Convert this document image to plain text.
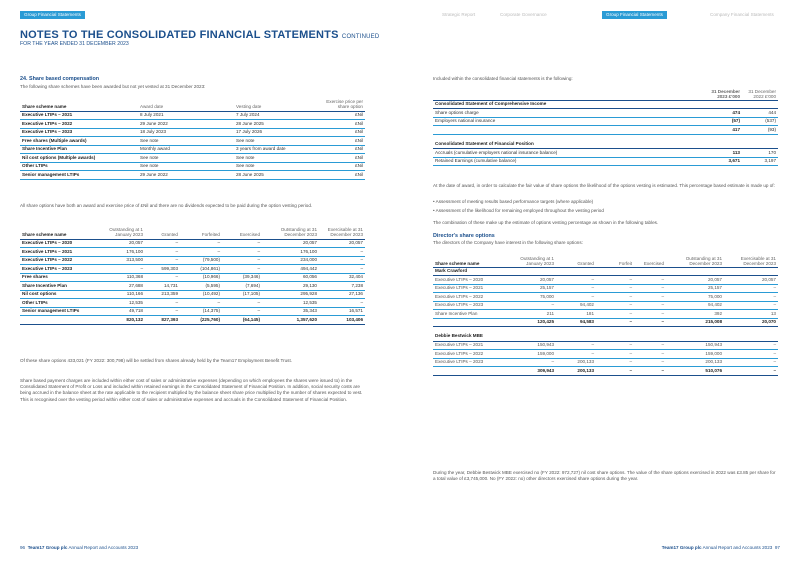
Group Financial Statements	Strategic Report	Corporate Governance	Group Financial Statements	Company Financial Statements
NOTES TO THE CONSOLIDATED FINANCIAL STATEMENTS CONTINUED
FOR THE YEAR ENDED 31 DECEMBER 2023
24. Share based compensation
The following share schemes have been awarded but not yet vested at 31 December 2023:
Share scheme name	Award date	Vesting date	Exercise price per share option
Executive LTIPs – 2021	8 July 2021	7 July 2024	£Nil
Executive LTIPs – 2022	29 June 2022	28 June 2025	£Nil
Executive LTIPs – 2023	18 July 2023	17 July 2026	£Nil
Free shares (Multiple awards)	See note	See note	£Nil
Share Incentive Plan	Monthly award	3 years from award date	£Nil
Nil cost options (Multiple awards)	See note	See note	£Nil
Other LTIPs	See note	See note	£Nil
Senior management LTIPs	29 June 2022	28 June 2025	£Nil
All share options have both an award and exercise price of £Nil and there are no dividends expected to be paid during the option vesting period.
Share scheme name	Outstanding at 1 January 2023	Granted	Forfeited	Exercised	Outstanding at 31 December 2023	Exercisable at 31 December 2023
Executive LTIPs – 2020	20,057	–	–	–	20,057	20,057
Executive LTIPs – 2021	176,100	–	–	–	176,100	–
Executive LTIPs – 2022	313,500	–	(79,500)	–	234,000	–
Executive LTIPs – 2023	–	599,303	(104,861)	–	494,442	–
Free shares	110,368	–	(10,966)	(39,346)	60,056	32,404
Share Incentive Plan	27,688	14,731	(5,595)	(7,694)	29,130	7,238
Nil cost options	110,166	213,359	(10,492)	(17,105)	295,928	27,136
Other LTIPs	12,535	–	–	–	12,535	–
Senior management LTIPs	49,718	–	(14,375)	–	35,343	16,571
	820,132	827,393	(225,760)	(64,145)	1,357,620	103,406
Of these share options 433,021 (FY 2022: 300,798) will be settled from shares already held by the Team17 Employment Benefit Trust.
Share based payment charges are included within either cost of sales or administrative expenses (depending on which employees the shares were issued to) in the Consolidated Statement of Profit or Loss and included within retained earnings in the Consolidated Statement of Financial Position. In addition, social security costs are being accrued in the balance sheet at the rate applicable to the recipient multiplied by the balance sheet share price multiplied by the number of shares expected to vest. This is recognised over the vesting period within either cost of sales or administrative expenses and accruals in the Consolidated Statement of Financial Position.
Included within the consolidated financial statements is the following:
	31 December 2023 £'000	31 December 2022 £'000
Consolidated Statement of Comprehensive Income		
Share options charge	474	444
Employers national insurance	(57)	(537)
	417	(93)

Consolidated Statement of Financial Position		
Accruals (cumulative employers national insurance balance)	113	170
Retained Earnings (cumulative balance)	3,671	3,197
At the date of award, in order to calculate the fair value of share options the likelihood of the options vesting is estimated. This percentage based estimate is made up of:
• Assessment of meeting results based performance targets (where applicable)
• Assessment of the likelihood for remaining employed throughout the vesting period
The combination of these make up the estimate of options vesting percentage as shown in the following tables.
Director's share options
The directors of the Company have interest in the following share options:
Share scheme name	Outstanding at 1 January 2023	Granted	Forfeit	Exercised	Outstanding at 31 December 2023	Exercisable at 31 December 2023
Mark Crawford						
Executive LTIPs – 2020	20,057	–	–	–	20,057	20,057
Executive LTIPs – 2021	25,157	–	–	–	25,157	–
Executive LTIPs – 2022	75,000	–	–	–	75,000	–
Executive LTIPs – 2023	–	94,402	–	–	94,402	–
Share Incentive Plan	211	181	–	–	392	13
	120,425	94,583	–	–	215,008	20,070

Debbie Bestwick MBE						
Executive LTIPs – 2021	150,943	–	–	–	150,943	–
Executive LTIPs – 2022	159,000	–	–	–	159,000	–
Executive LTIPs – 2023	–	200,133	–	–	200,133	–
	309,943	200,133	–	–	510,076	–
During the year, Debbie Bestwick MBE exercised no (FY 2022: 972,727) nil cost share options. The value of the share options exercised in 2022 was £3.85 per share for a total value of £3,745,000. No (FY 2022: no) other directors exercised share options during the year.
96 Team17 Group plc Annual Report and Accounts 2023	Team17 Group plc Annual Report and Accounts 2023 97
